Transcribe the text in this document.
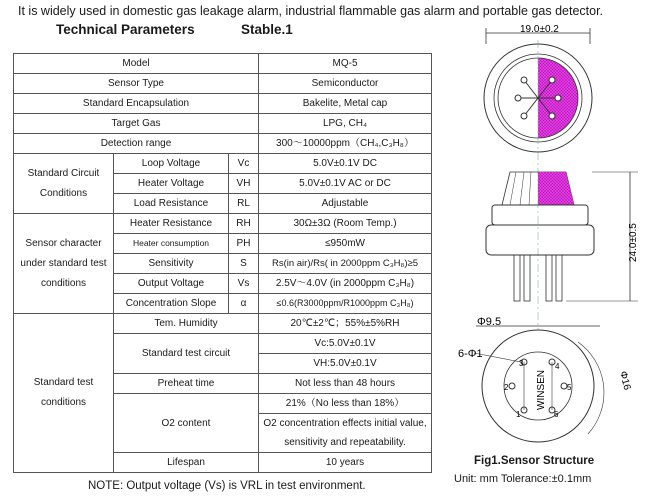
It is widely used in domestic gas leakage alarm, industrial flammable gas alarm and portable gas detector.
Technical Parameters	Stable.1
Model			MQ-5
Sensor Type			Semiconductor
Standard Encapsulation			Bakelite, Metal cap
Target Gas			LPG, CH₄
Detection range			300～10000ppm（CH₄,C₃H₈）
Standard Circuit Conditions	Loop Voltage	Vc	5.0V±0.1V DC
	Heater Voltage	VH	5.0V±0.1V AC or DC
	Load Resistance	RL	Adjustable
Sensor character under standard test conditions	Heater Resistance	RH	30Ω±3Ω (Room Temp.)
	Heater consumption	PH	≤950mW
	Sensitivity	S	Rs(in air)/Rs( in 2000ppm C₃H₈)≥5
	Output Voltage	Vs	2.5V～4.0V (in 2000ppm C₃H₈)
	Concentration Slope	α	≤0.6(R3000ppm/R1000ppm C₃H₈)
Standard test conditions	Tem. Humidity		20℃±2℃；55%±5%RH
	Standard test circuit		Vc:5.0V±0.1V
			VH:5.0V±0.1V
	Preheat time		Not less than 48 hours
	O2 content		21%（No less than 18%）
			O2 concentration effects initial value, sensitivity and repeatability.

	Lifespan		10 years
NOTE: Output voltage (Vs) is VRL in test environment.
19.0±0.2
24.0±0.5
Φ9.5
6-Φ1
WINSEN
3	4
2	5
1	6
Φ16
Fig1.Sensor Structure
Unit: mm Tolerance:±0.1mm
